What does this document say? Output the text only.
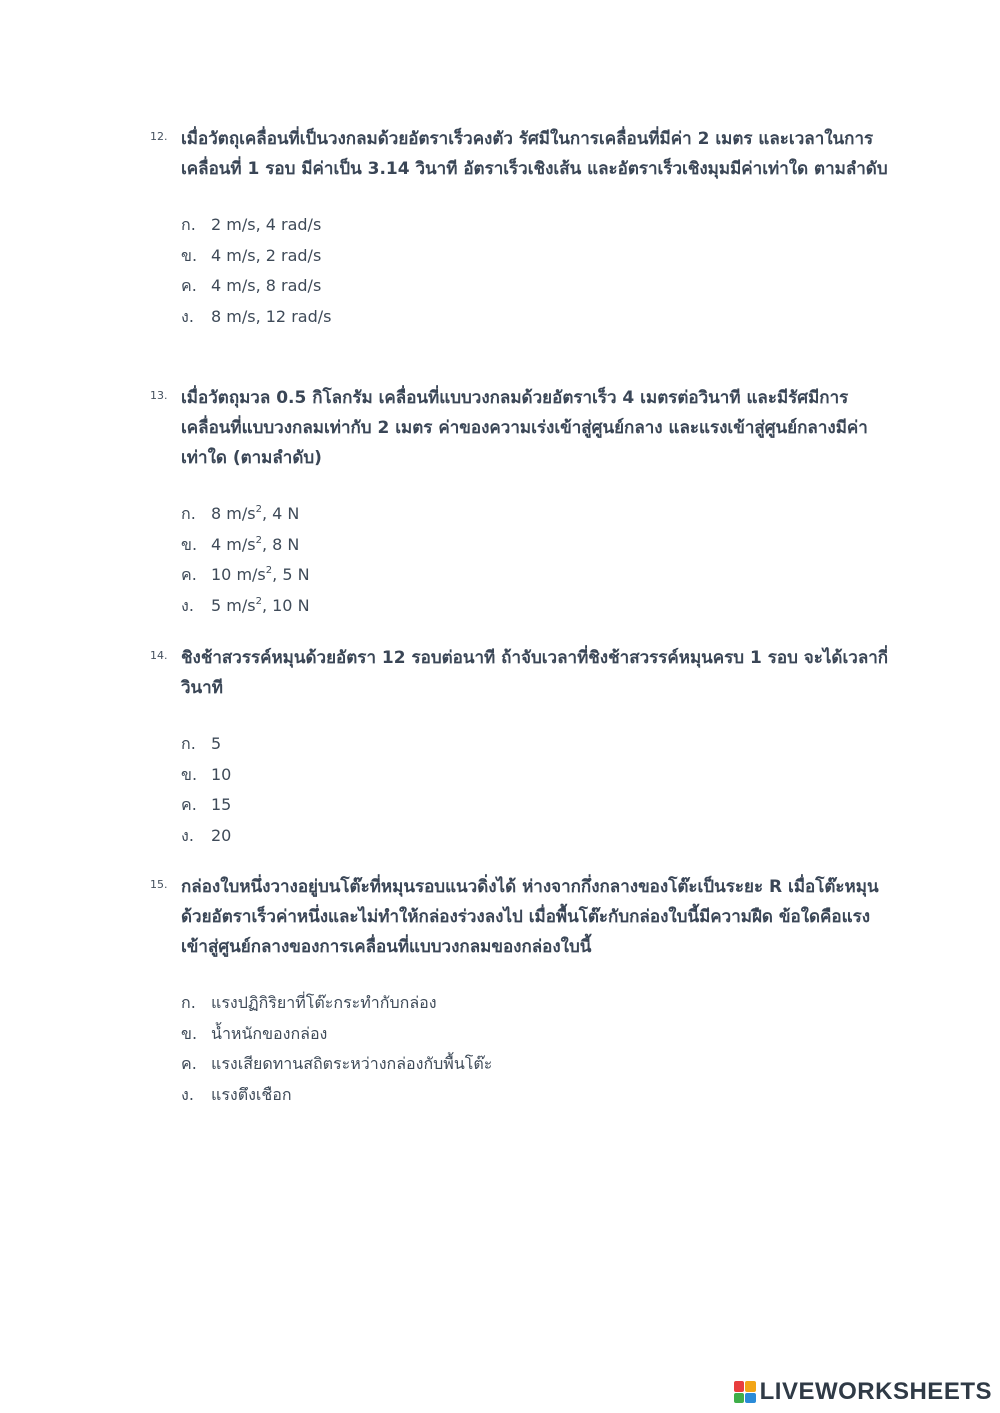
12. เมื่อวัตถุเคลื่อนที่เป็นวงกลมด้วยอัตราเร็วคงตัว รัศมีในการเคลื่อนที่มีค่า 2 เมตร และเวลาในการเคลื่อนที่ 1 รอบ มีค่าเป็น 3.14 วินาที อัตราเร็วเชิงเส้น และอัตราเร็วเชิงมุมมีค่าเท่าใด ตามลำดับ
ก. 2 m/s, 4 rad/s
ข. 4 m/s, 2 rad/s
ค. 4 m/s, 8 rad/s
ง. 8 m/s, 12 rad/s
13. เมื่อวัตถุมวล 0.5 กิโลกรัม เคลื่อนที่แบบวงกลมด้วยอัตราเร็ว 4 เมตรต่อวินาที และมีรัศมีการเคลื่อนที่แบบวงกลมเท่ากับ 2 เมตร ค่าของความเร่งเข้าสู่ศูนย์กลาง และแรงเข้าสู่ศูนย์กลางมีค่าเท่าใด (ตามลำดับ)
ก. 8 $m/s^2$, 4 N
ข. 4 $m/s^2$, 8 N
ค. 10 $m/s^2$, 5 N
ง. 5 $m/s^2$, 10 N
14. ชิงช้าสวรรค์หมุนด้วยอัตรา 12 รอบต่อนาที ถ้าจับเวลาที่ชิงช้าสวรรค์หมุนครบ 1 รอบ จะได้เวลากี่วินาที
ก. 5
ข. 10
ค. 15
ง. 20
15. กล่องใบหนึ่งวางอยู่บนโต๊ะที่หมุนรอบแนวดิ่งได้ ห่างจากกึ่งกลางของโต๊ะเป็นระยะ R เมื่อโต๊ะหมุนด้วยอัตราเร็วค่าหนึ่งและไม่ทำให้กล่องร่วงลงไป เมื่อพื้นโต๊ะกับกล่องใบนี้มีความฝืด ข้อใดคือแรงเข้าสู่ศูนย์กลางของการเคลื่อนที่แบบวงกลมของกล่องใบนี้
ก. แรงปฏิกิริยาที่โต๊ะกระทำกับกล่อง
ข. น้ำหนักของกล่อง
ค. แรงเสียดทานสถิตระหว่างกล่องกับพื้นโต๊ะ
ง. แรงตึงเชือก
LIVEWORKSHEETS
